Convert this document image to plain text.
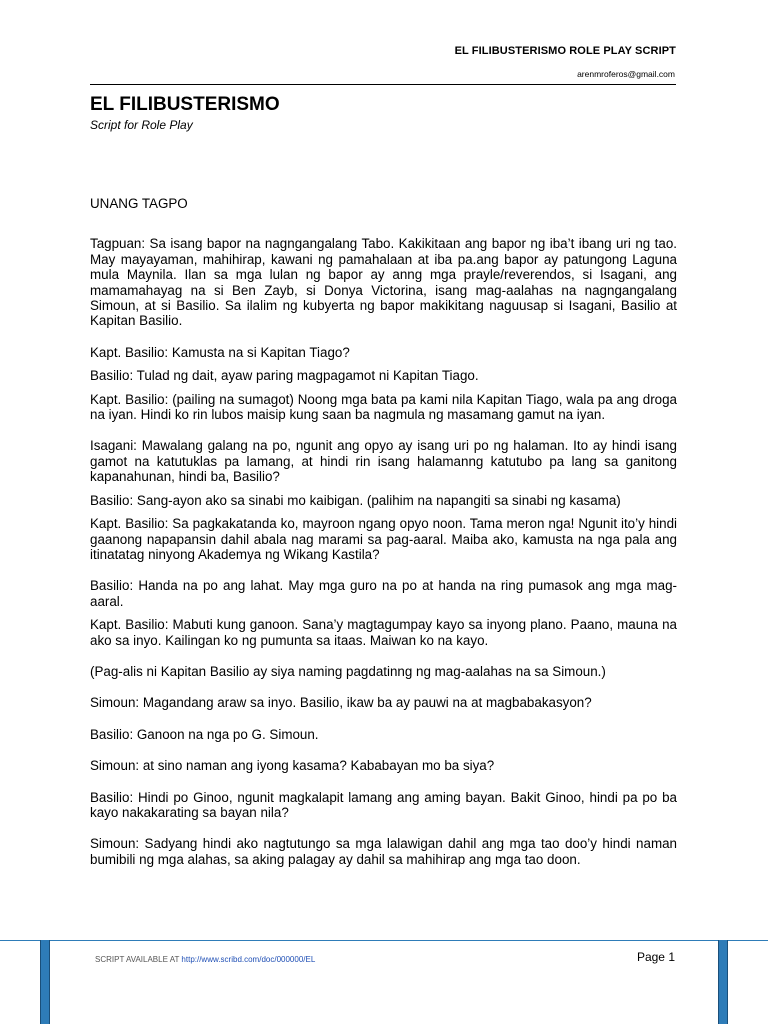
EL FILIBUSTERISMO ROLE PLAY SCRIPT
arenmroferos@gmail.com
EL FILIBUSTERISMO
Script for Role Play

UNANG TAGPO

Tagpuan: Sa isang bapor na nagngangalang Tabo. Kakikitaan ang bapor ng iba’t ibang uri ng tao. May mayayaman, mahihirap, kawani ng pamahalaan at iba pa.ang bapor ay patungong Laguna mula Maynila. Ilan sa mga lulan ng bapor ay anng mga prayle/reverendos, si Isagani, ang mamamahayag na si Ben Zayb, si Donya Victorina, isang mag-aalahas na nagngangalang Simoun, at si Basilio. Sa ilalim ng kubyerta ng bapor makikitang naguusap si Isagani, Basilio at Kapitan Basilio.

Kapt. Basilio: Kamusta na si Kapitan Tiago?

Basilio: Tulad ng dait, ayaw paring magpagamot ni Kapitan Tiago.

Kapt. Basilio: (pailing na sumagot) Noong mga bata pa kami nila Kapitan Tiago, wala pa ang droga na iyan. Hindi ko rin lubos maisip kung saan ba nagmula ng masamang gamut na iyan.

Isagani: Mawalang galang na po, ngunit ang opyo ay isang uri po ng halaman. Ito ay hindi isang gamot na katutuklas pa lamang, at hindi rin isang halamanng katutubo pa lang sa ganitong kapanahunan, hindi ba, Basilio?

Basilio: Sang-ayon ako sa sinabi mo kaibigan. (palihim na napangiti sa sinabi ng kasama)

Kapt. Basilio: Sa pagkakatanda ko, mayroon ngang opyo noon. Tama meron nga! Ngunit ito’y hindi gaanong napapansin dahil abala nag marami sa pag-aaral. Maiba ako, kamusta na nga pala ang itinatatag ninyong Akademya ng Wikang Kastila?

Basilio: Handa na po ang lahat. May mga guro na po at handa na ring pumasok ang mga mag-aaral.

Kapt. Basilio: Mabuti kung ganoon. Sana’y magtagumpay kayo sa inyong plano. Paano, mauna na ako sa inyo. Kailingan ko ng pumunta sa itaas. Maiwan ko na kayo.

(Pag-alis ni Kapitan Basilio ay siya naming pagdatinng ng mag-aalahas na sa Simoun.)

Simoun: Magandang araw sa inyo. Basilio, ikaw ba ay pauwi na at magbabakasyon?

Basilio: Ganoon na nga po G. Simoun.

Simoun: at sino naman ang iyong kasama? Kababayan mo ba siya?

Basilio: Hindi po Ginoo, ngunit magkalapit lamang ang aming bayan. Bakit Ginoo, hindi pa po ba kayo nakakarating sa bayan nila?

Simoun: Sadyang hindi ako nagtutungo sa mga lalawigan dahil ang mga tao doo’y hindi naman bumibili ng mga alahas, sa aking palagay ay dahil sa mahihirap ang mga tao doon.

SCRIPT AVAILABLE AT http://www.scribd.com/doc/000000/EL	Page 1
